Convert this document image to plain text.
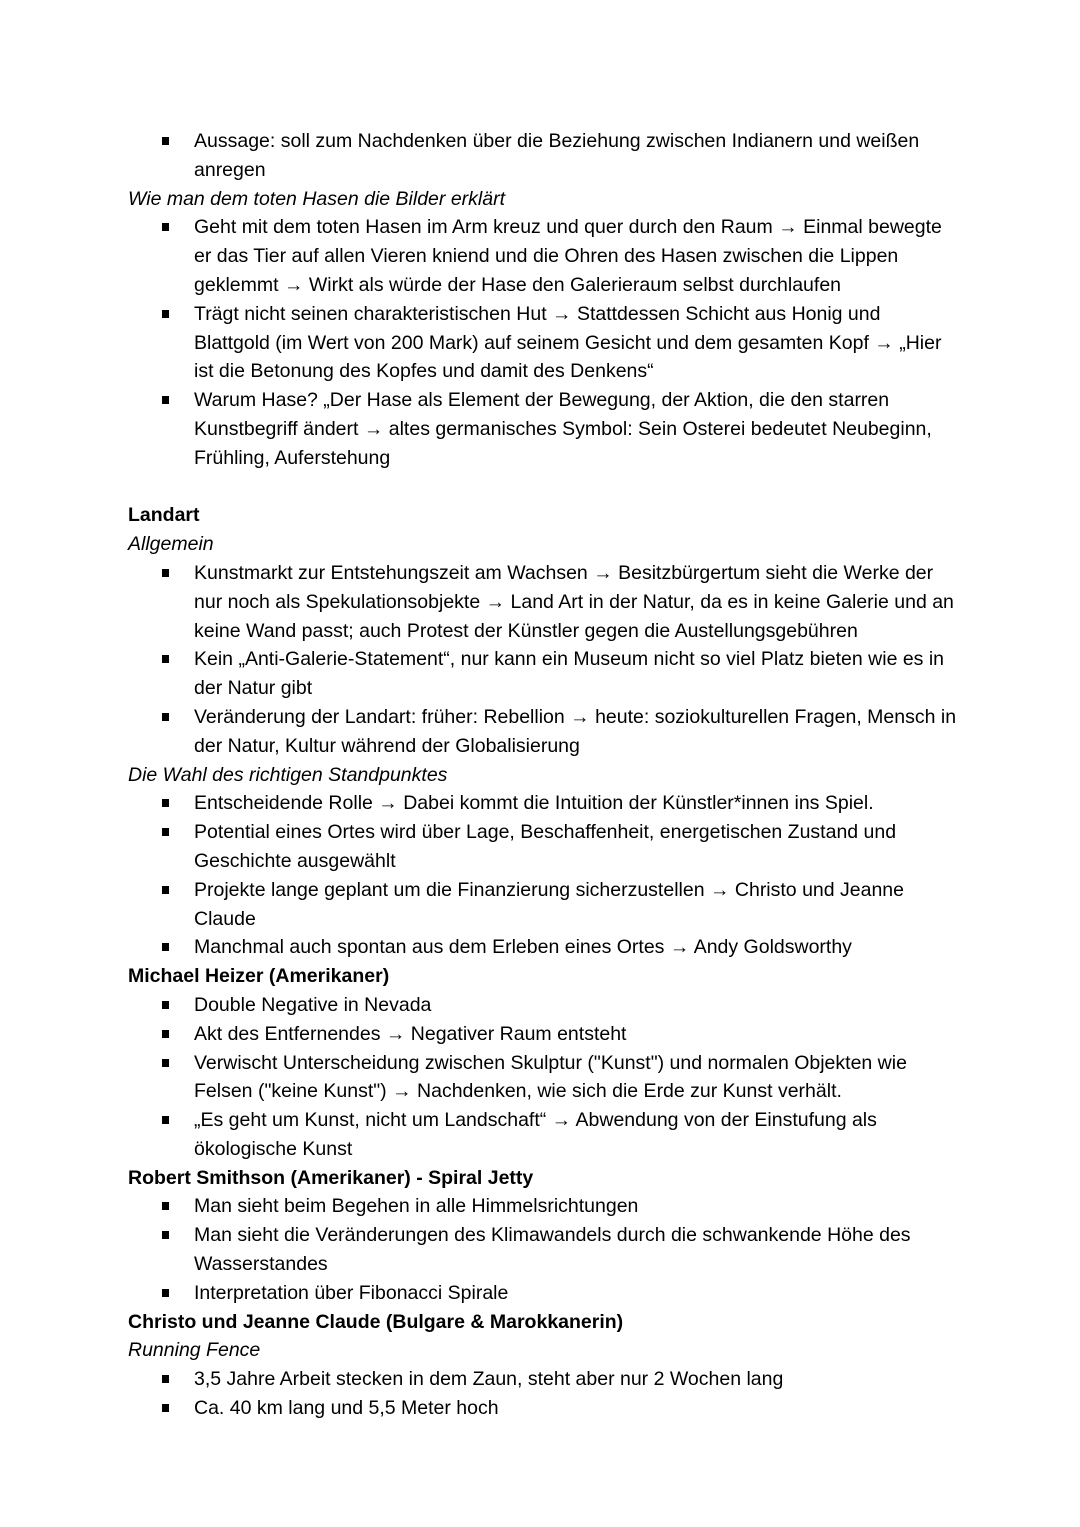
Aussage: soll zum Nachdenken über die Beziehung zwischen Indianern und weißen anregen
Wie man dem toten Hasen die Bilder erklärt
Geht mit dem toten Hasen im Arm kreuz und quer durch den Raum → Einmal bewegte er das Tier auf allen Vieren kniend und die Ohren des Hasen zwischen die Lippen geklemmt → Wirkt als würde der Hase den Galerieraum selbst durchlaufen
Trägt nicht seinen charakteristischen Hut → Stattdessen Schicht aus Honig und Blattgold (im Wert von 200 Mark) auf seinem Gesicht und dem gesamten Kopf → „Hier ist die Betonung des Kopfes und damit des Denkens“
Warum Hase? „Der Hase als Element der Bewegung, der Aktion, die den starren Kunstbegriff ändert → altes germanisches Symbol: Sein Osterei bedeutet Neubeginn, Frühling, Auferstehung
Landart
Allgemein
Kunstmarkt zur Entstehungszeit am Wachsen → Besitzbürgertum sieht die Werke der nur noch als Spekulationsobjekte → Land Art in der Natur, da es in keine Galerie und an keine Wand passt; auch Protest der Künstler gegen die Austellungsgebühren
Kein „Anti-Galerie-Statement“, nur kann ein Museum nicht so viel Platz bieten wie es in der Natur gibt
Veränderung der Landart: früher: Rebellion → heute: soziokulturellen Fragen, Mensch in der Natur, Kultur während der Globalisierung
Die Wahl des richtigen Standpunktes
Entscheidende Rolle → Dabei kommt die Intuition der Künstler*innen ins Spiel.
Potential eines Ortes wird über Lage, Beschaffenheit, energetischen Zustand und Geschichte ausgewählt
Projekte lange geplant um die Finanzierung sicherzustellen → Christo und Jeanne Claude
Manchmal auch spontan aus dem Erleben eines Ortes → Andy Goldsworthy
Michael Heizer (Amerikaner)
Double Negative in Nevada
Akt des Entfernendes → Negativer Raum entsteht
Verwischt Unterscheidung zwischen Skulptur ("Kunst") und normalen Objekten wie Felsen ("keine Kunst") → Nachdenken, wie sich die Erde zur Kunst verhält.
„Es geht um Kunst, nicht um Landschaft“ → Abwendung von der Einstufung als ökologische Kunst
Robert Smithson (Amerikaner) - Spiral Jetty
Man sieht beim Begehen in alle Himmelsrichtungen
Man sieht die Veränderungen des Klimawandels durch die schwankende Höhe des Wasserstandes
Interpretation über Fibonacci Spirale
Christo und Jeanne Claude (Bulgare & Marokkanerin)
Running Fence
3,5 Jahre Arbeit stecken in dem Zaun, steht aber nur 2 Wochen lang
Ca. 40 km lang und 5,5 Meter hoch
